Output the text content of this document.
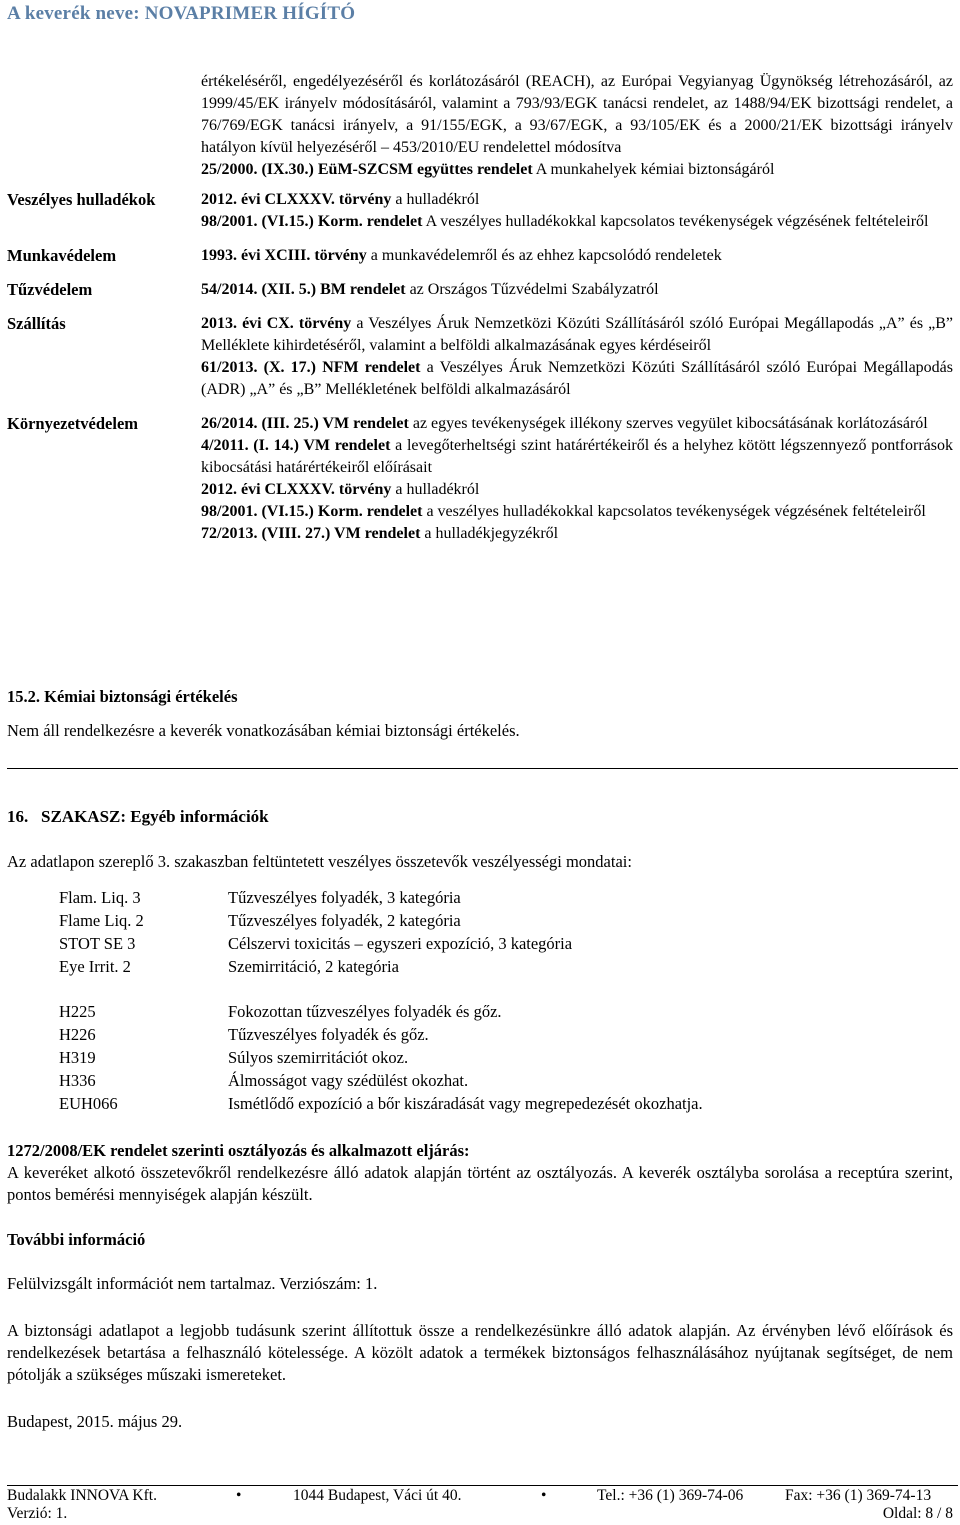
A keverék neve: NOVAPRIMER HÍGÍTÓ

értékeléséről, engedélyezéséről és korlátozásáról (REACH), az Európai Vegyianyag Ügynökség létrehozásáról, az 1999/45/EK irányelv módosításáról, valamint a 793/93/EGK tanácsi rendelet, az 1488/94/EK bizottsági rendelet, a 76/769/EGK tanácsi irányelv, a 91/155/EGK, a 93/67/EGK, a 93/105/EK és a 2000/21/EK bizottsági irányelv hatályon kívül helyezéséről – 453/2010/EU rendelettel módosítva

25/2000. (IX.30.) EüM-SZCSM együttes rendelet A munkahelyek kémiai biztonságáról

Veszélyes hulladékok	2012. évi CLXXXV. törvény a hulladékról

98/2001. (VI.15.) Korm. rendelet A veszélyes hulladékokkal kapcsolatos tevékenységek végzésének feltételeiről

Munkavédelem	1993. évi XCIII. törvény a munkavédelemről és az ehhez kapcsolódó rendeletek

Tűzvédelem	54/2014. (XII. 5.) BM rendelet az Országos Tűzvédelmi Szabályzatról

Szállítás	2013. évi CX. törvény a Veszélyes Áruk Nemzetközi Közúti Szállításáról szóló Európai Megállapodás „A” és „B” Melléklete kihirdetéséről, valamint a belföldi alkalmazásának egyes kérdéseiről

61/2013. (X. 17.) NFM rendelet a Veszélyes Áruk Nemzetközi Közúti Szállításáról szóló Európai Megállapodás (ADR) „A” és „B” Mellékletének belföldi alkalmazásáról

Környezetvédelem	26/2014. (III. 25.) VM rendelet az egyes tevékenységek illékony szerves vegyület kibocsátásának korlátozásáról

4/2011. (I. 14.) VM rendelet a levegőterheltségi szint határértékeiről és a helyhez kötött légszennyező pontforrások kibocsátási határértékeiről előírásait

2012. évi CLXXXV. törvény a hulladékról

98/2001. (VI.15.) Korm. rendelet a veszélyes hulladékokkal kapcsolatos tevékenységek végzésének feltételeiről

72/2013. (VIII. 27.) VM rendelet a hulladékjegyzékről

15.2. Kémiai biztonsági értékelés
Nem áll rendelkezésre a keverék vonatkozásában kémiai biztonsági értékelés.
16.   SZAKASZ: Egyéb információk
Az adatlapon szereplő 3. szakaszban feltüntetett veszélyes összetevők veszélyességi mondatai:
Flam. Liq. 3	Tűzveszélyes folyadék, 3 kategória
Flame Liq. 2	Tűzveszélyes folyadék, 2 kategória
STOT SE 3	Célszervi toxicitás – egyszeri expozíció, 3 kategória
Eye Irrit. 2	Szemirritáció, 2 kategória
H225	Fokozottan tűzveszélyes folyadék és gőz.
H226	Tűzveszélyes folyadék és gőz.
H319	Súlyos szemirritációt okoz.
H336	Álmosságot vagy szédülést okozhat.
EUH066	Ismétlődő expozíció a bőr kiszáradását vagy megrepedezését okozhatja.

1272/2008/EK rendelet szerinti osztályozás és alkalmazott eljárás:

A keveréket alkotó összetevőkről rendelkezésre álló adatok alapján történt az osztályozás. A keverék osztályba sorolása a receptúra szerint, pontos bemérési mennyiségek alapján készült.

További információ

Felülvizsgált információt nem tartalmaz. Verziószám: 1.

A biztonsági adatlapot a legjobb tudásunk szerint állítottuk össze a rendelkezésünkre álló adatok alapján. Az érvényben lévő előírások és rendelkezések betartása a felhasználó kötelessége. A közölt adatok a termékek biztonságos felhasználásához nyújtanak segítséget, de nem pótolják a szükséges műszaki ismereteket.

Budapest, 2015. május 29.

Budalakk INNOVA Kft.	•	1044 Budapest, Váci út 40.	•	Tel.: +36 (1) 369-74-06	Fax: +36 (1) 369-74-13
Verzió: 1.	Oldal: 8 / 8
